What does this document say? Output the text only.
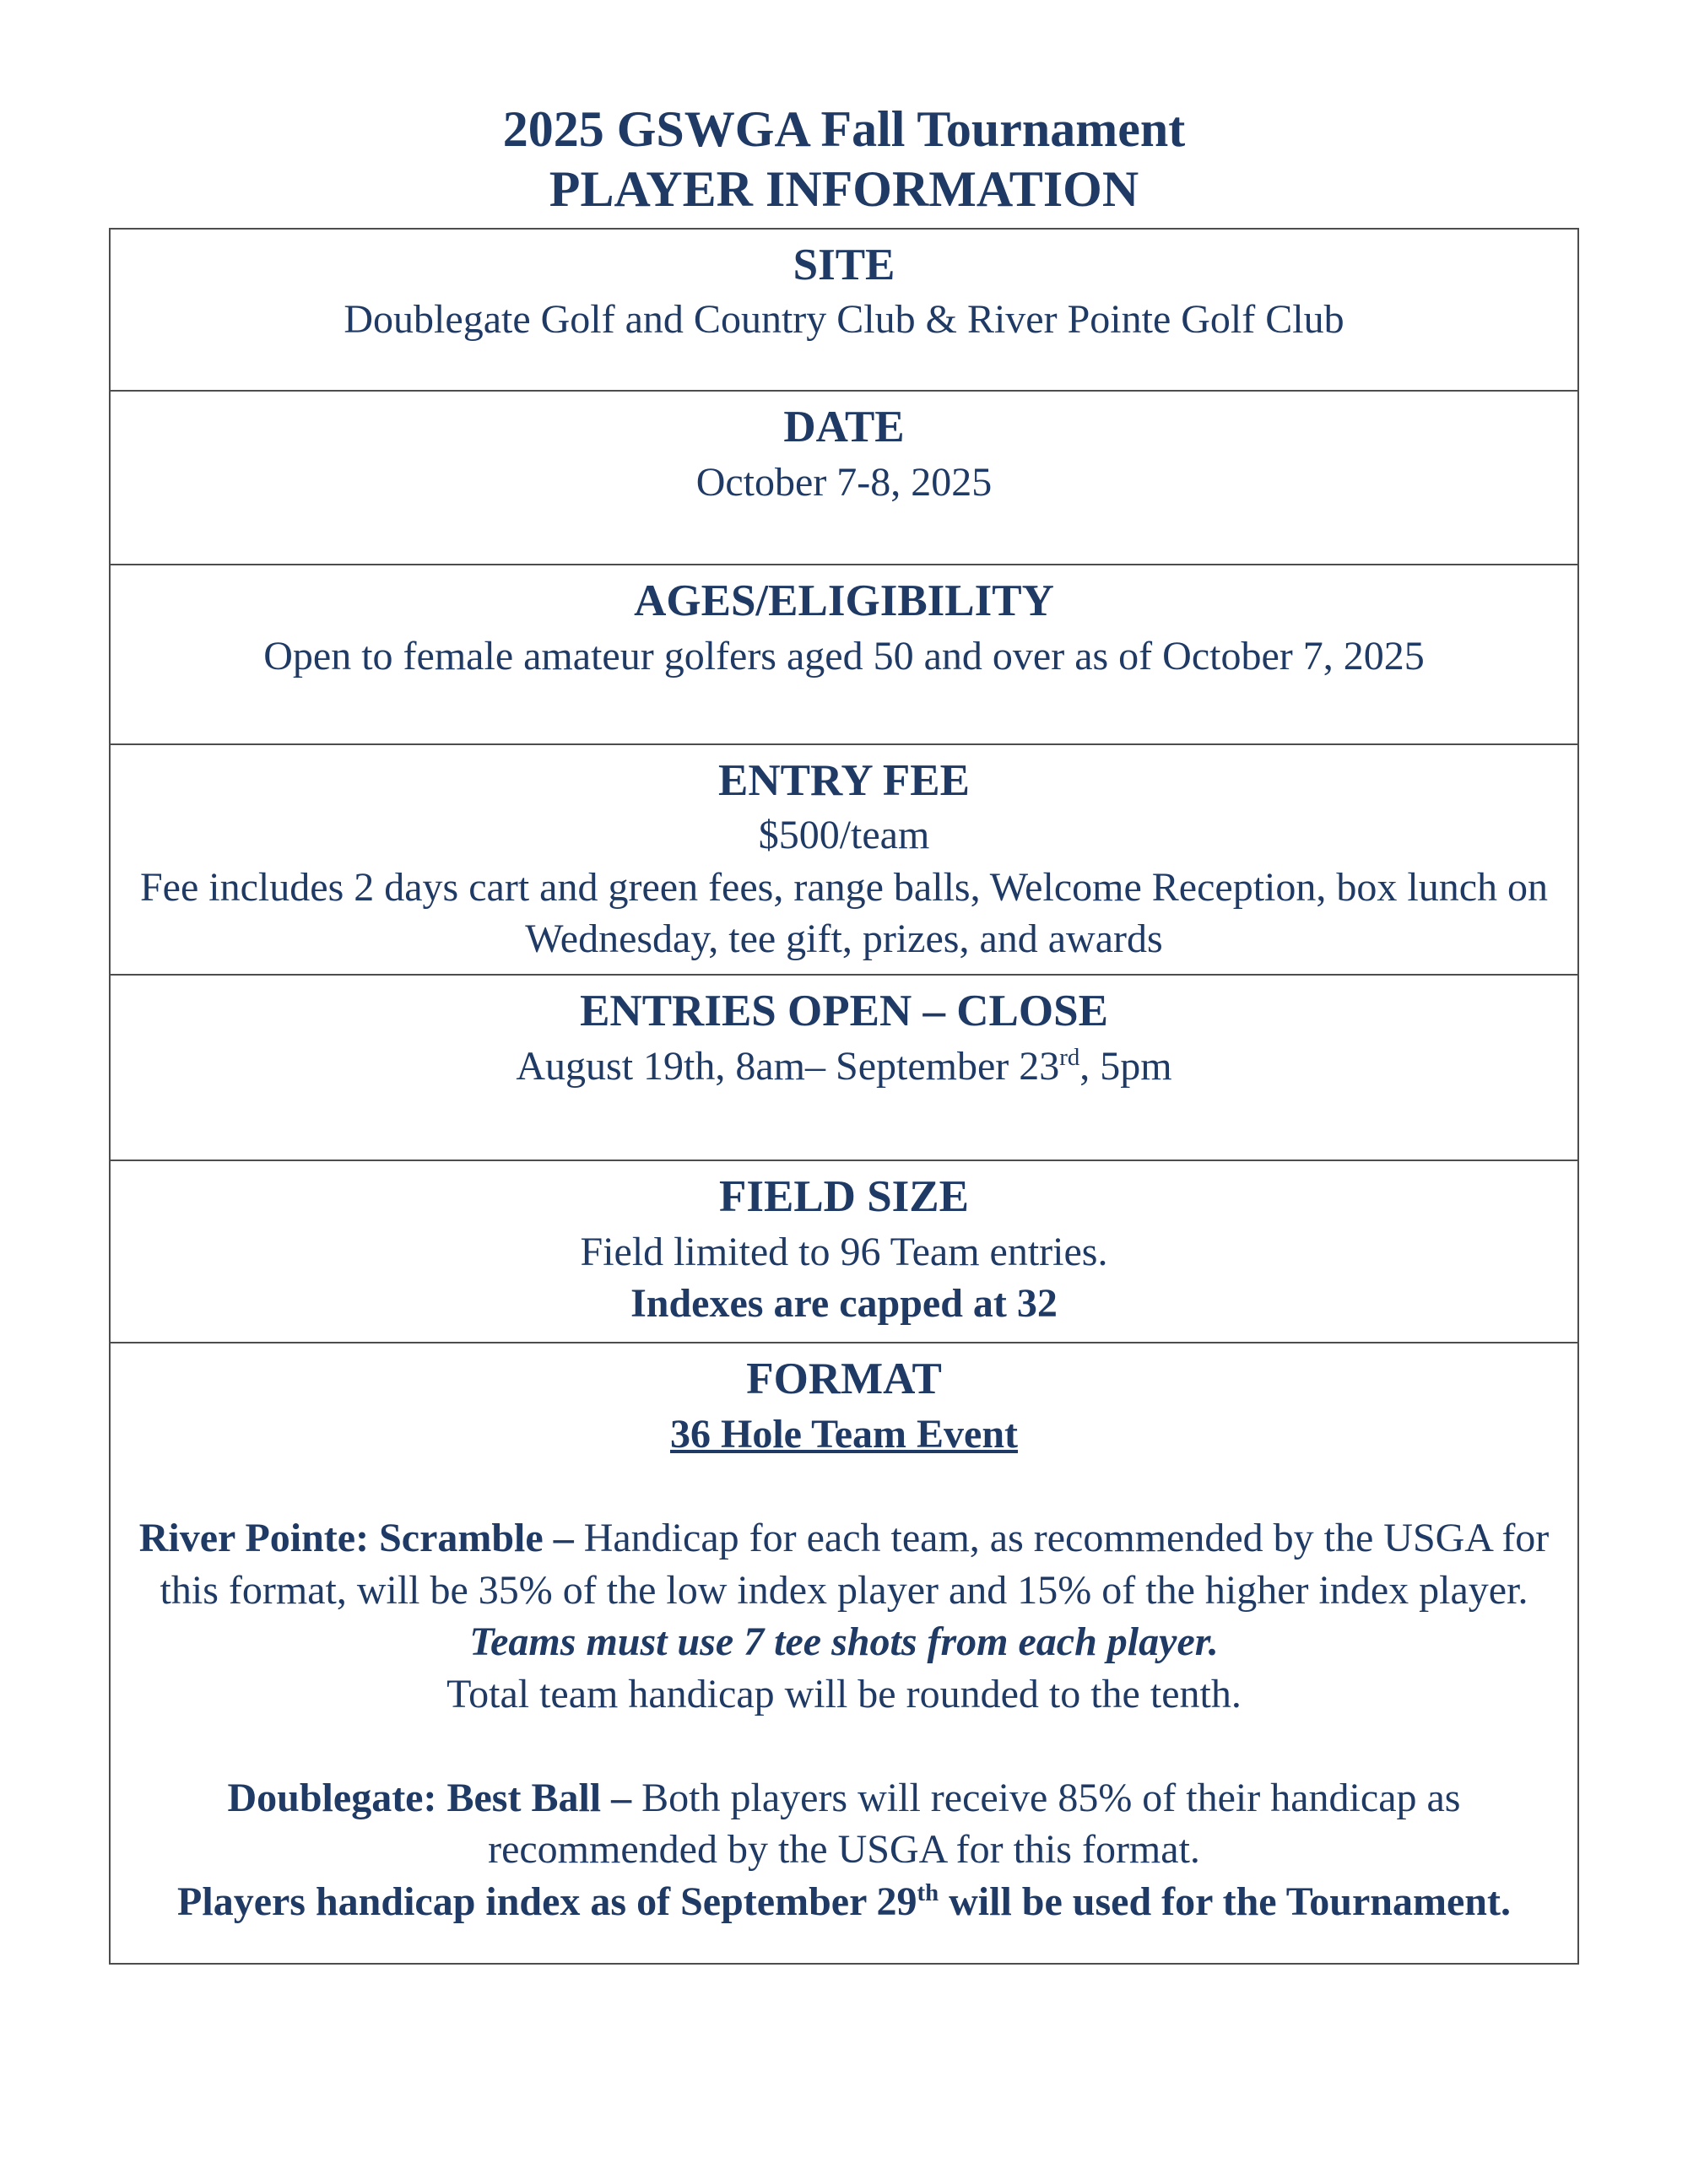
2025 GSWGA Fall Tournament
PLAYER INFORMATION
SITE
Doublegate Golf and Country Club & River Pointe Golf Club
DATE
October 7-8, 2025
AGES/ELIGIBILITY
Open to female amateur golfers aged 50 and over as of October 7, 2025
ENTRY FEE
$500/team
Fee includes 2 days cart and green fees, range balls, Welcome Reception, box lunch on Wednesday, tee gift, prizes, and awards
ENTRIES OPEN – CLOSE
August 19th, 8am– September 23rd, 5pm
FIELD SIZE
Field limited to 96 Team entries.
Indexes are capped at 32
FORMAT
36 Hole Team Event
River Pointe: Scramble – Handicap for each team, as recommended by the USGA for this format, will be 35% of the low index player and 15% of the higher index player.
Teams must use 7 tee shots from each player.
Total team handicap will be rounded to the tenth.
Doublegate: Best Ball – Both players will receive 85% of their handicap as recommended by the USGA for this format.
Players handicap index as of September 29th will be used for the Tournament.
